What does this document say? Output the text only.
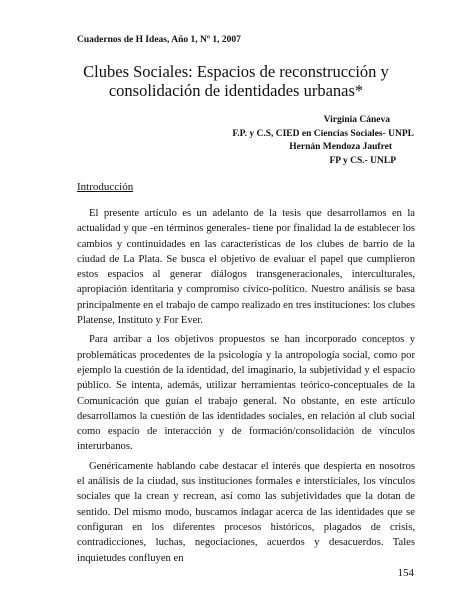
Cuadernos de H Ideas, Año 1, Nº 1, 2007
Clubes Sociales: Espacios de reconstrucción y
consolidación de identidades urbanas*
Virginia Cáneva
F.P. y C.S, CIED en Ciencias Sociales- UNPL
Hernán Mendoza Jaufret
FP y CS.- UNLP
Introducción

El presente artículo es un adelanto de la tesis que desarrollamos en la actualidad y que -en términos generales- tiene por finalidad la de establecer los cambios y continuidades en las características de los clubes de barrio de la ciudad de La Plata. Se busca el objetivo de evaluar el papel que cumplieron estos espacios al generar diálogos transgeneracionales, interculturales, apropiación identitaria y compromiso cívico-político. Nuestro análisis se basa principalmente en el trabajo de campo realizado en tres instituciones: los clubes Platense, Instituto y For Ever.

Para arribar a los objetivos propuestos se han incorporado conceptos y problemáticas procedentes de la psicología y la antropología social, como por ejemplo la cuestión de la identidad, del imaginario, la subjetividad y el espacio público. Se intenta, además, utilizar herramientas teórico-conceptuales de la Comunicación que guían el trabajo general. No obstante, en este artículo desarrollamos la cuestión de las identidades sociales, en relación al club social como espacio de interacción y de formación/consolidación de vínculos interurbanos.

Genéricamente hablando cabe destacar el interés que despierta en nosotros el análisis de la ciudad, sus instituciones formales e intersticiales, los vínculos sociales que la crean y recrean, así como las subjetividades que la dotan de sentido. Del mismo modo, buscamos indagar acerca de las identidades que se configuran en los diferentes procesos históricos, plagados de crisis, contradicciones, luchas, negociaciones, acuerdos y desacuerdos. Tales inquietudes confluyen en

154
